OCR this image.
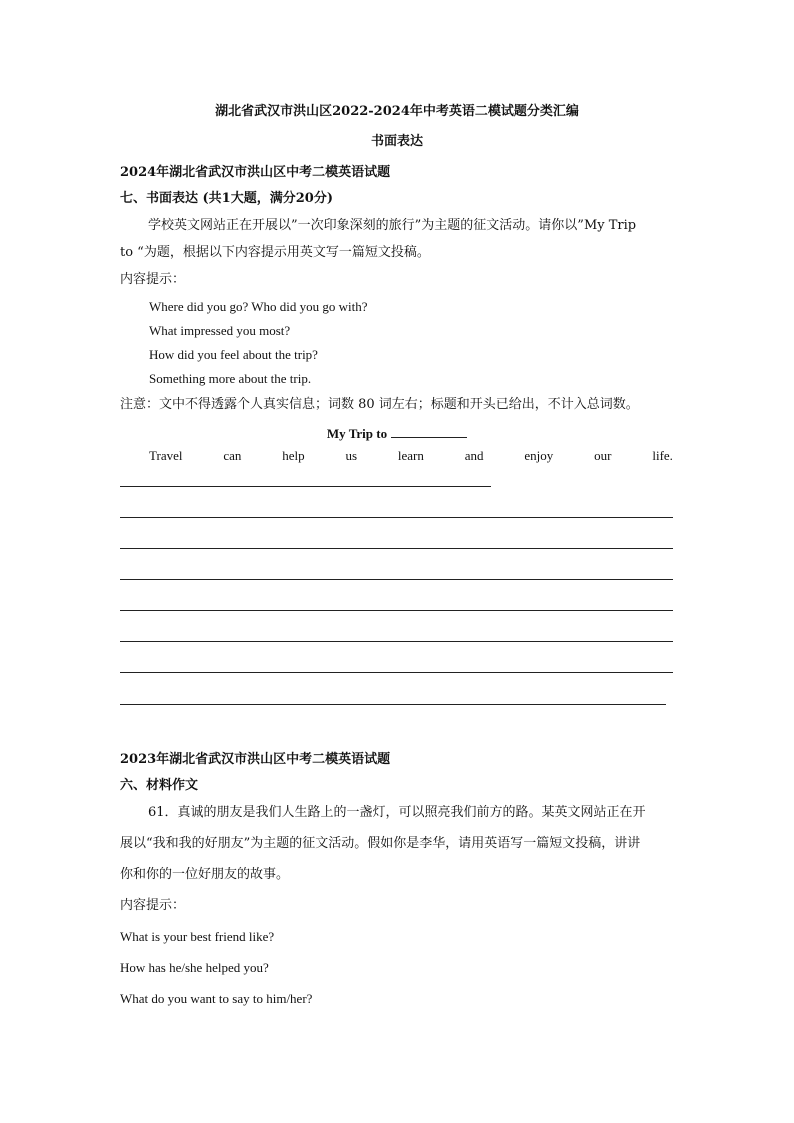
湖北省武汉市洪山区2022-2024年中考英语二模试题分类汇编
书面表达
2024年湖北省武汉市洪山区中考二模英语试题
七、书面表达 (共1大题，满分20分)
学校英文网站正在开展以”一次印象深刻的旅行”为主题的征文活动。请你以”My Trip
to “为题，根据以下内容提示用英文写一篇短文投稿。
内容提示：
Where did you go? Who did you go with?
What impressed you most?
How did you feel about the trip?
Something more about the trip.
注意：文中不得透露个人真实信息；词数 80 词左右；标题和开头已给出，不计入总词数。
My Trip to
Travel	can	help	us	learn	and	enjoy	our	life.
2023年湖北省武汉市洪山区中考二模英语试题
六、材料作文
61．真诚的朋友是我们人生路上的一盏灯，可以照亮我们前方的路。某英文网站正在开
展以“我和我的好朋友”为主题的征文活动。假如你是李华，请用英语写一篇短文投稿，讲讲
你和你的一位好朋友的故事。
内容提示：
What is your best friend like?
How has he/she helped you?
What do you want to say to him/her?
